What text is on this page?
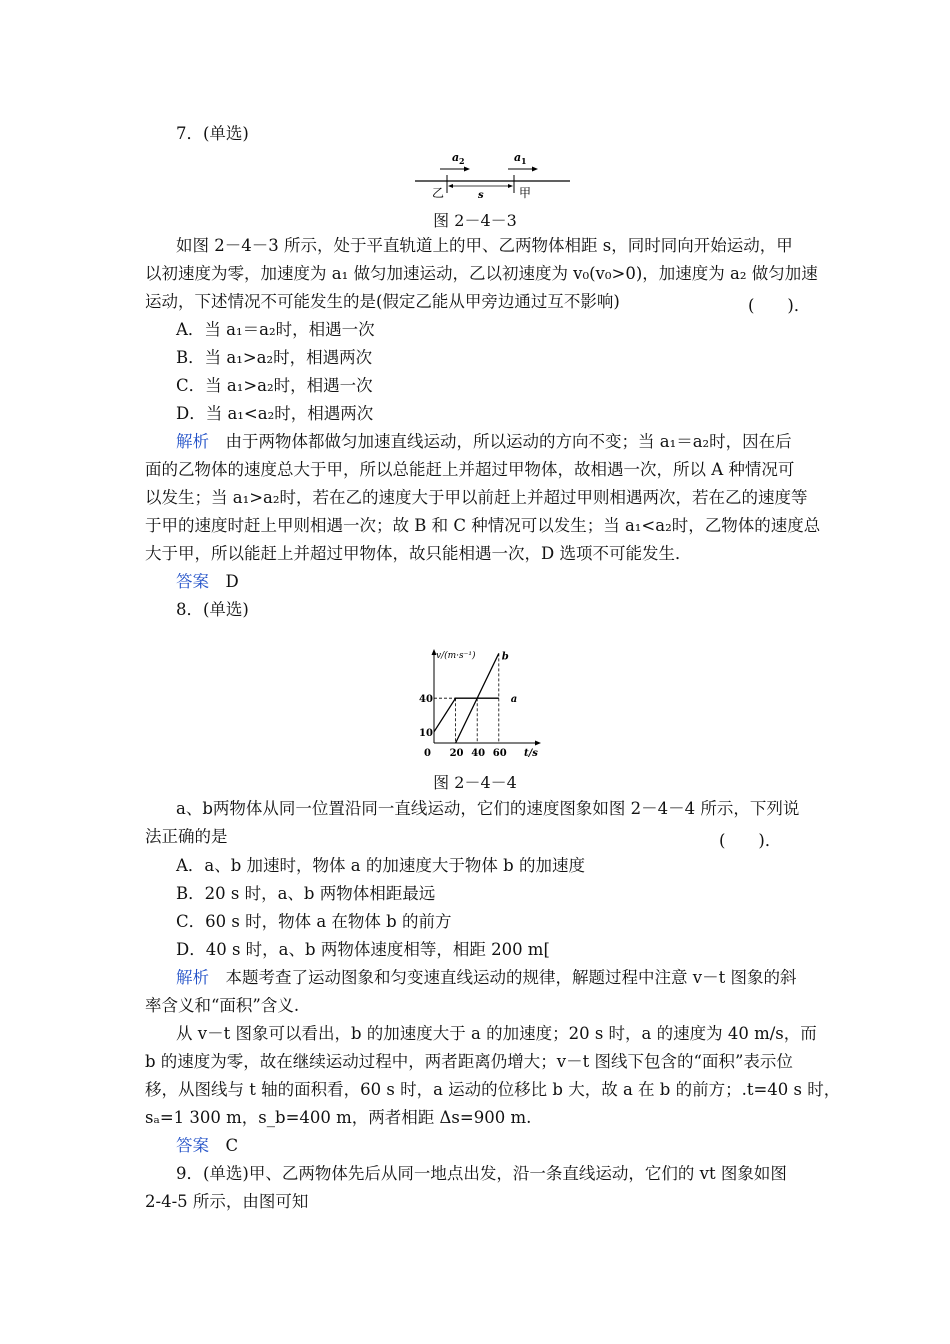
7．(单选)
a 2	a 1
乙	s	甲
图 2－4－3
如图 2－4－3 所示，处于平直轨道上的甲、乙两物体相距 s，同时同向开始运动，甲
以初速度为零，加速度为 a₁ 做匀加速运动，乙以初速度为 v₀(v₀>0)，加速度为 a₂ 做匀加速
运动，下述情况不可能发生的是(假定乙能从甲旁边通过互不影响)	(　　)．
A．当 a₁＝a₂时，相遇一次
B．当 a₁>a₂时，相遇两次
C．当 a₁>a₂时，相遇一次
D．当 a₁<a₂时，相遇两次
解析　 由于两物体都做匀加速直线运动，所以运动的方向不变；当 a₁＝a₂时，因在后
面的乙物体的速度总大于甲，所以总能赶上并超过甲物体，故相遇一次，所以 A 种情况可
以发生；当 a₁>a₂时，若在乙的速度大于甲以前赶上并超过甲则相遇两次，若在乙的速度等
于甲的速度时赶上甲则相遇一次；故 B 和 C 种情况可以发生；当 a₁<a₂时，乙物体的速度总
大于甲，所以能赶上并超过甲物体，故只能相遇一次，D 选项不可能发生．
答案　 D
8．(单选)
v/(m·s⁻¹)
t/s
0 20 40 60
10
40	a
b
图 2－4－4
a、b两物体从同一位置沿同一直线运动，它们的速度图象如图 2－4－4 所示，下列说
法正确的是	(　　)．
A．a、b 加速时，物体 a 的加速度大于物体 b 的加速度
B．20 s 时，a、b 两物体相距最远
C．60 s 时，物体 a 在物体 b 的前方
D．40 s 时，a、b 两物体速度相等，相距 200 m[
解析　 本题考查了运动图象和匀变速直线运动的规律，解题过程中注意 v－t 图象的斜
率含义和“面积”含义.
从 v－t 图象可以看出，b 的加速度大于 a 的加速度；20 s 时，a 的速度为 40 m/s，而
b 的速度为零，故在继续运动过程中，两者距离仍增大；v－t 图线下包含的“面积”表示位
移，从图线与 t 轴的面积看，60 s 时，a 运动的位移比 b 大，故 a 在 b 的前方；.t=40 s 时，
sₐ=1 300 m，s_b=400 m，两者相距 Δs=900 m.
答案　 C
9．(单选)甲、乙两物体先后从同一地点出发，沿一条直线运动，它们的 vt 图象如图
2-4-5 所示，由图可知
